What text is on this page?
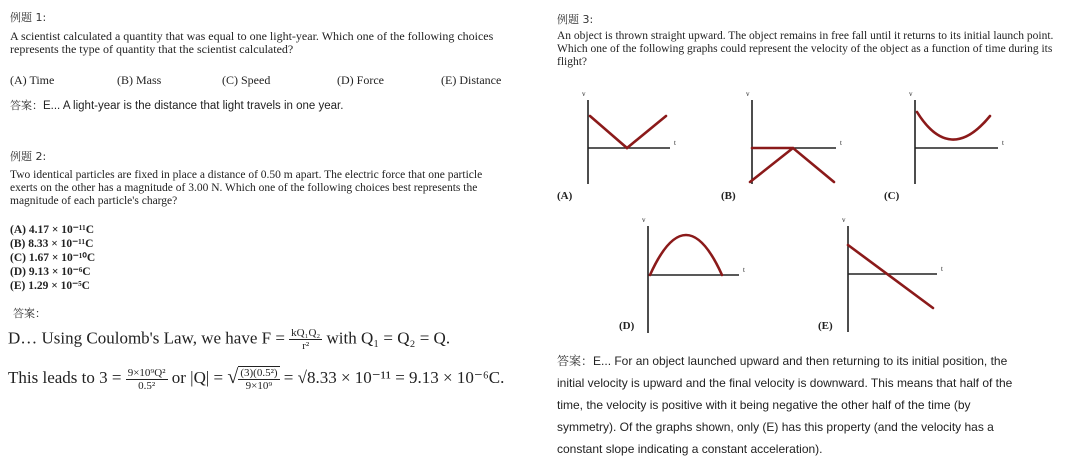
例题 1:
A scientist calculated a quantity that was equal to one light-year. Which one of the following choices represents the type of quantity that the scientist calculated?
(A) Time	(B) Mass	(C) Speed	(D) Force	(E) Distance
答案：E... A light-year is the distance that light travels in one year.
例题 2:
Two identical particles are fixed in place a distance of 0.50 m apart. The electric force that one particle exerts on the other has a magnitude of 3.00 N. Which one of the following choices best represents the magnitude of each particle's charge?
(A) 4.17 × 10⁻¹¹C
(B) 8.33 × 10⁻¹¹C
(C) 1.67 × 10⁻¹⁰C
(D) 9.13 × 10⁻⁶C
(E) 1.29 × 10⁻⁵C
答案：
D… Using Coulomb's Law, we have $F = \frac{\text{kQ₁Q₂}}{\text{r²}}$ with Q₁ = Q₂ = Q.
This leads to $3 = \frac{\text{9×10⁹Q²}}{\text{0.5²}}$ or |Q| = √ $\frac{\text{(3)(0.5²)}}{\text{9×10⁹}} = √8.33 \times 10^{-11} = 9.13 \times 10^{-6}C$.
例题 3:
An object is thrown straight upward. The object remains in free fall until it returns to its initial launch point. Which one of the following graphs could represent the velocity of the object as a function of time during its flight?
v
t
v
t
v
t
v
t
v
t
(A)	(B)	(C)
(D)	(E)
答案：E... For an object launched upward and then returning to its initial position, the
initial velocity is upward and the final velocity is downward. This means that half of the
time, the velocity is positive with it being negative the other half of the time (by
symmetry). Of the graphs shown, only (E) has this property (and the velocity has a
constant slope indicating a constant acceleration).
